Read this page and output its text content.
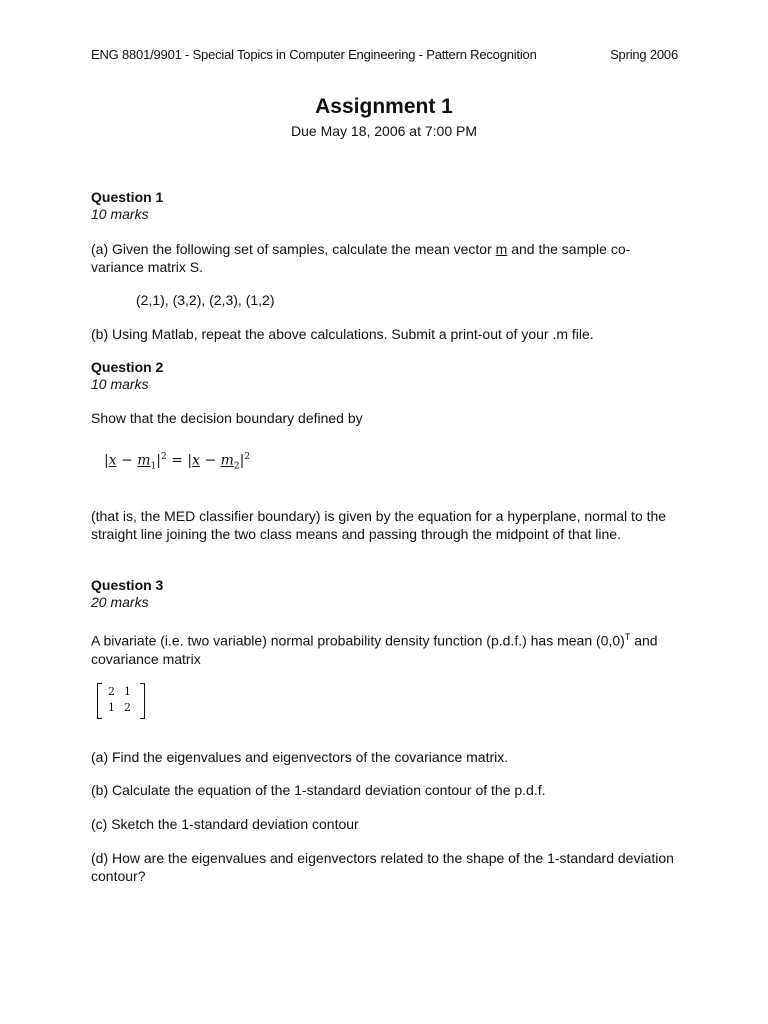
ENG 8801/9901 - Special Topics in Computer Engineering - Pattern Recognition	Spring 2006
Assignment 1
Due May 18, 2006 at 7:00 PM
Question 1
10 marks
(a) Given the following set of samples, calculate the mean vector m and the sample co-variance matrix S.
(2,1), (3,2), (2,3), (1,2)
(b) Using Matlab, repeat the above calculations. Submit a print-out of your .m file.
Question 2
10 marks
Show that the decision boundary defined by
$|x - m_1|^2 = |x - m_2|^2$
(that is, the MED classifier boundary) is given by the equation for a hyperplane, normal to the straight line joining the two class means and passing through the midpoint of that line.
Question 3
20 marks
A bivariate (i.e. two variable) normal probability density function (p.d.f.) has mean $(0,0)^T$ and covariance matrix
2	1
1	2
(a) Find the eigenvalues and eigenvectors of the covariance matrix.
(b) Calculate the equation of the 1-standard deviation contour of the p.d.f.
(c) Sketch the 1-standard deviation contour
(d) How are the eigenvalues and eigenvectors related to the shape of the 1-standard deviation contour?
